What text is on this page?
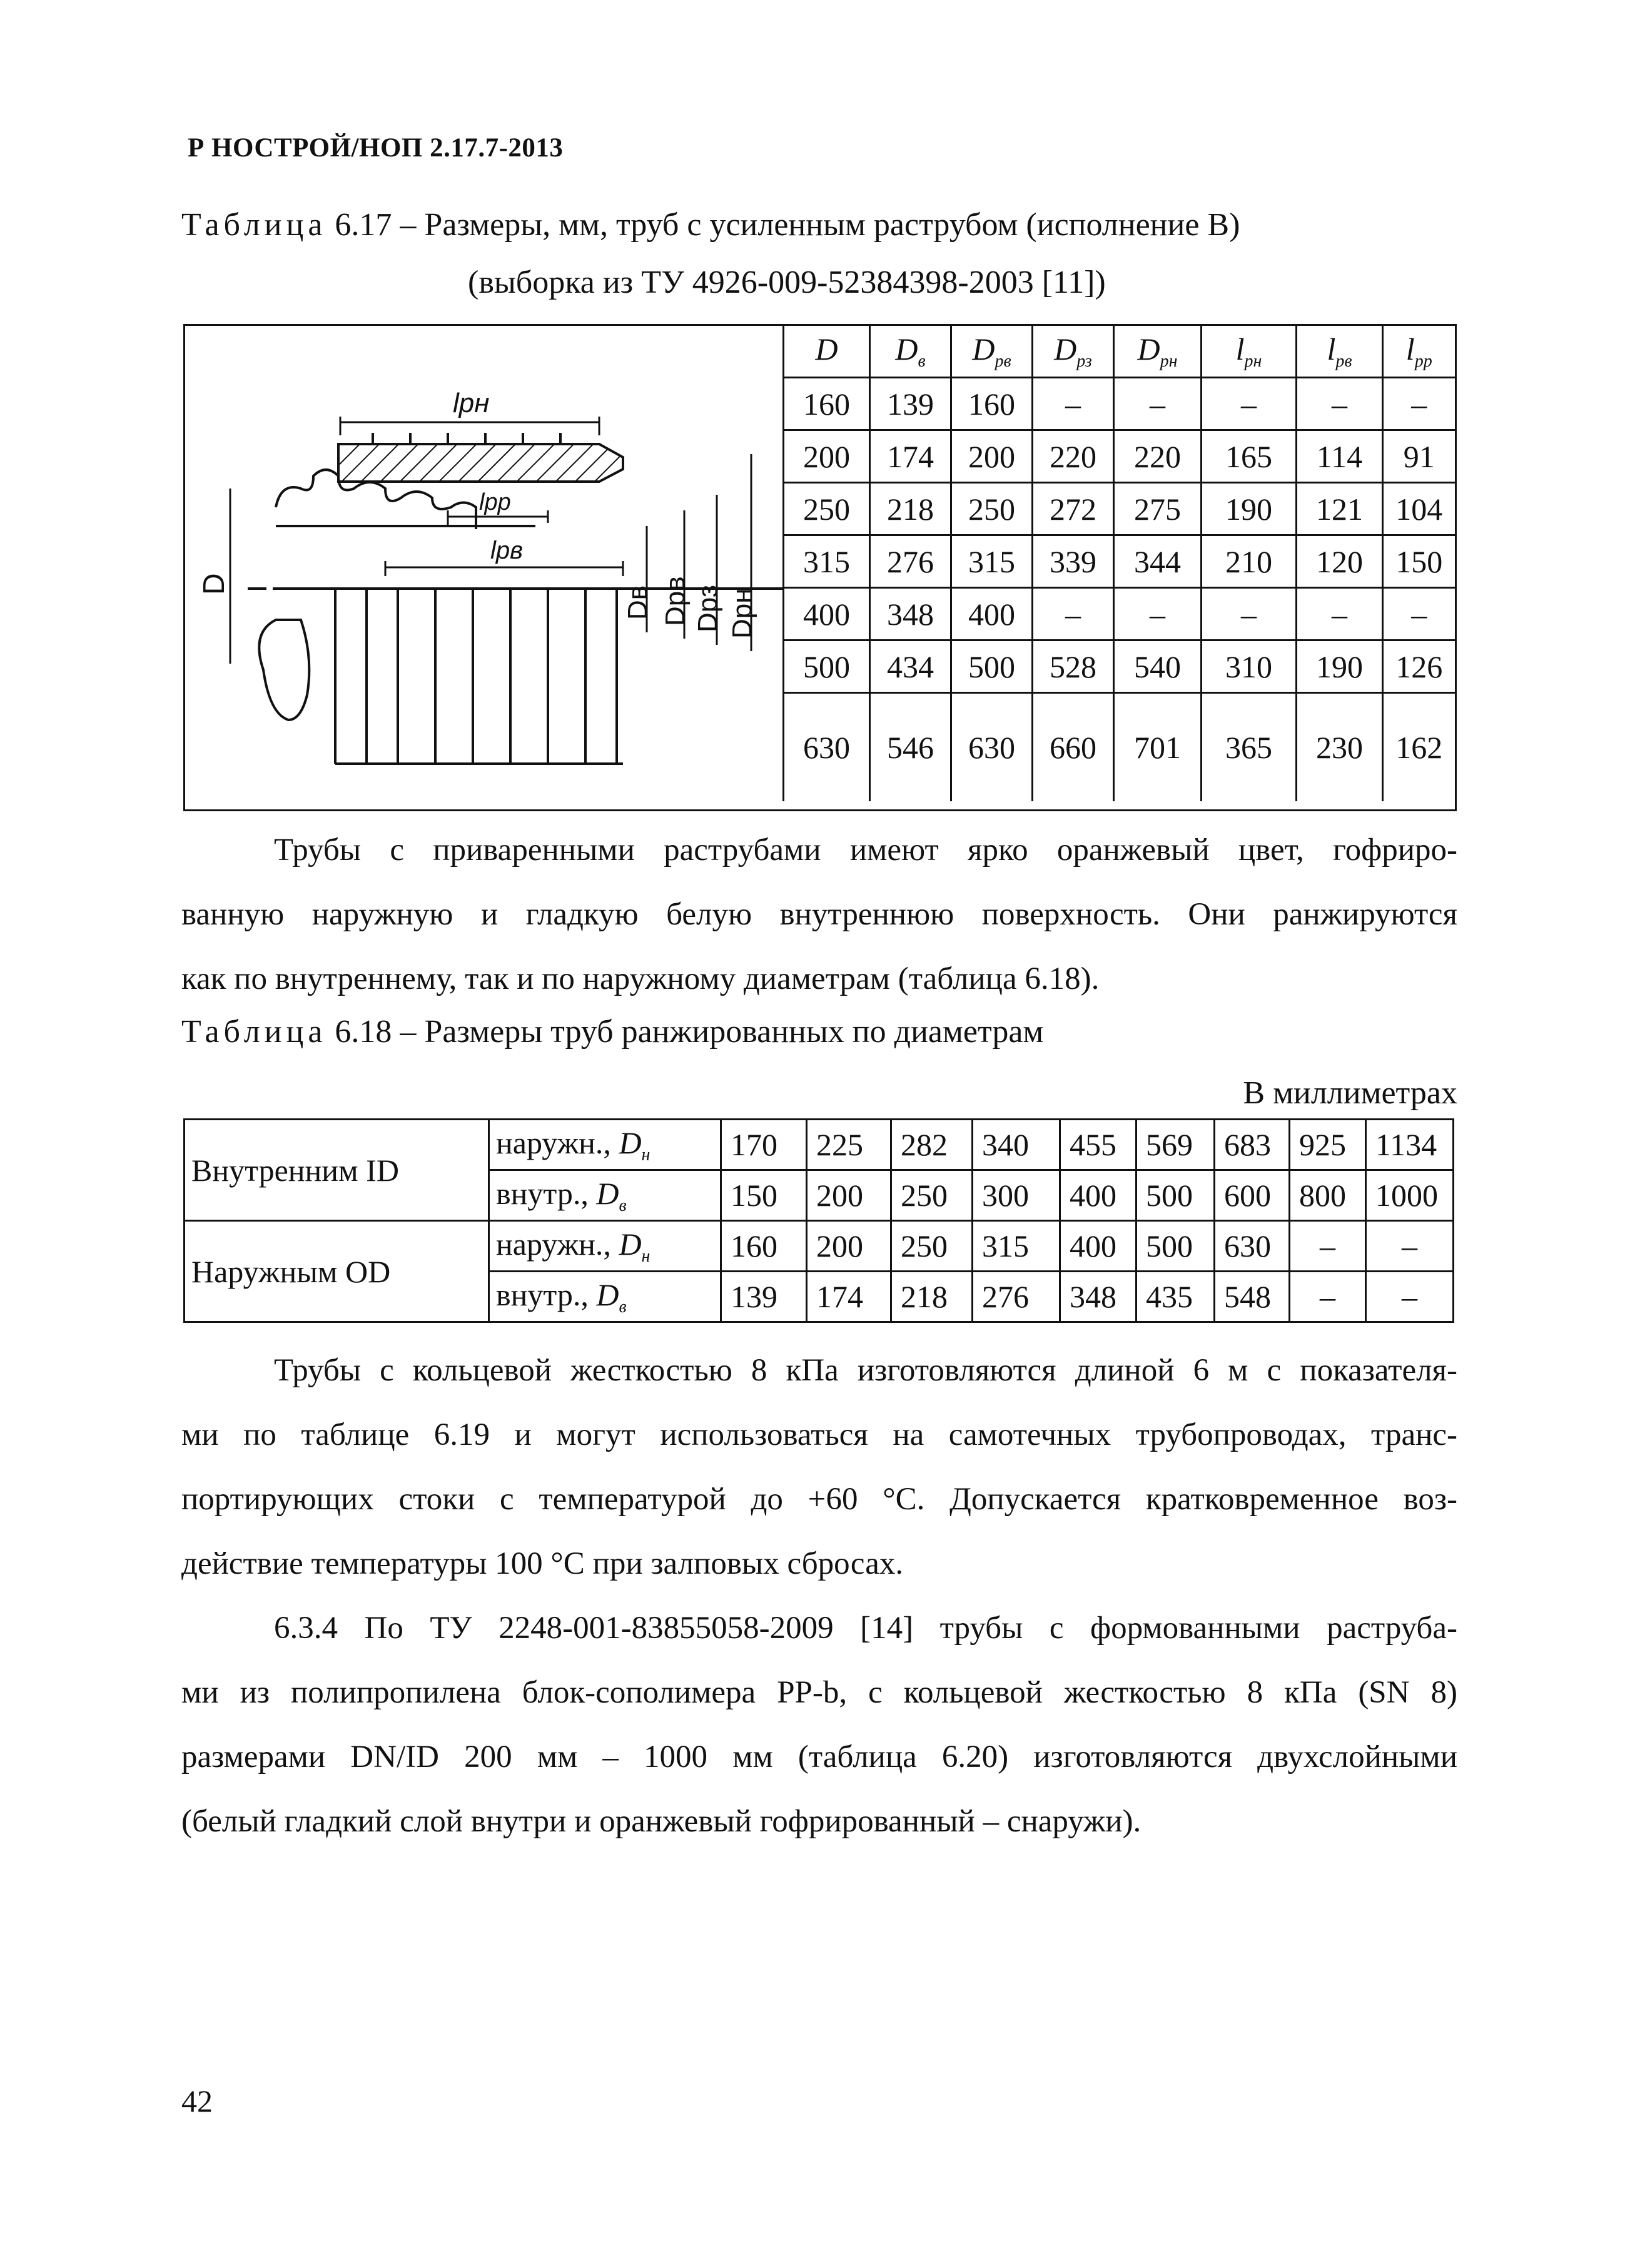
Р НОСТРОЙ/НОП 2.17.7-2013
Таблица 6.17 – Размеры, мм, труб с усиленным раструбом (исполнение В)
(выборка из ТУ 4926-009-52384398-2003 [11])
lрн
lрр
lрв
D
Dв Dрв Dрз Dрн
D	$D_в$	$D_{рв}$	$D_{рз}$	$D_{рн}$	$l_{рн}$	$l_{рв}$	$l_{рр}$
160	139	160	–	–	–	–	–
200	174	200	220	220	165	114	91
250	218	250	272	275	190	121	104
315	276	315	339	344	210	120	150
400	348	400	–	–	–	–	–
500	434	500	528	540	310	190	126
630	546	630	660	701	365	230	162
Трубы с приваренными раструбами имеют ярко оранжевый цвет, гофриро-
ванную наружную и гладкую белую внутреннюю поверхность. Они ранжируются
как по внутреннему, так и по наружному диаметрам (таблица 6.18).
Таблица 6.18 – Размеры труб ранжированных по диаметрам
В миллиметрах
Внутренним ID	наружн., $D_н$	170	225	282	340	455	569	683	925	1134
	внутр., $D_в$	150	200	250	300	400	500	600	800	1000
Наружным OD	наружн., $D_н$	160	200	250	315	400	500	630	–	–
	внутр., $D_в$	139	174	218	276	348	435	548	–	–
Трубы с кольцевой жесткостью 8 кПа изготовляются длиной 6 м с показателя-
ми по таблице 6.19 и могут использоваться на самотечных трубопроводах, транс-
портирующих стоки с температурой до +60 °С. Допускается кратковременное воз-
действие температуры 100 °С при залповых сбросах.
6.3.4 По ТУ 2248-001-83855058-2009 [14] трубы с формованными раструба-
ми из полипропилена блок-сополимера РР-b, с кольцевой жесткостью 8 кПа (SN 8)
размерами DN/ID 200 мм – 1000 мм (таблица 6.20) изготовляются двухслойными
(белый гладкий слой внутри и оранжевый гофрированный – снаружи).
42
